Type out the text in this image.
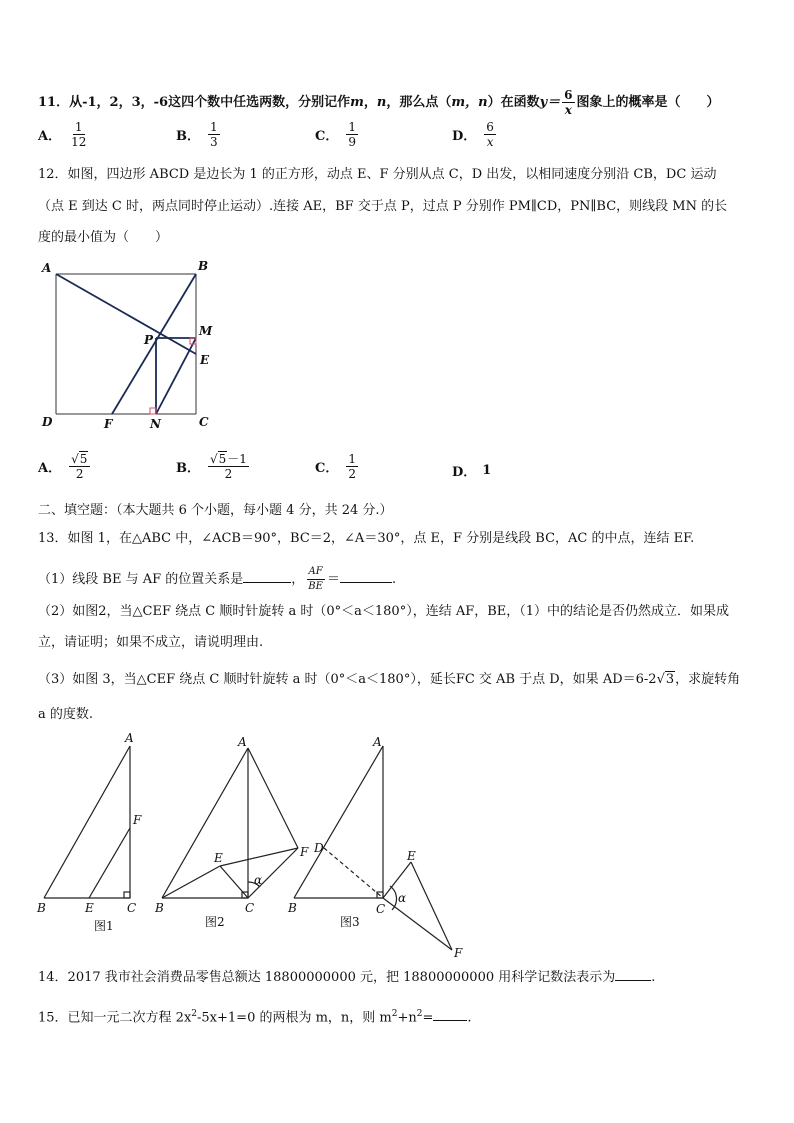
11．从-1，2，3，-6这四个数中任选两数，分别记作m，n，那么点（m，n）在函数$y= \frac{6}{x}$ 图象上的概率是（　　）
A． $\frac{1}{12}$	B． $\frac{1}{3}$	C． $\frac{1}{9}$	D． $\frac{6}{x}$
12．如图，四边形 ABCD 是边长为 1 的正方形，动点 E、F 分别从点 C，D 出发，以相同速度分别沿 CB，DC 运动
（点 E 到达 C 时，两点同时停止运动）.连接 AE，BF 交于点 P，过点 P 分别作 PM∥CD，PN∥BC，则线段 MN 的长
度的最小值为（　　）
A	B
C
D
E
F
M
N
P
A． $\frac{√5}{2}$	B． $\frac{√5-1}{2}$	C． $\frac{1}{2}$	D． 1
二、填空题：（本大题共 6 个小题，每小题 4 分，共 24 分.）
13．如图 1，在△ABC 中，∠ACB＝90°，BC＝2，∠A＝30°，点 E，F 分别是线段 BC，AC 的中点，连结 EF.
（1）线段 BE 与 AF 的位置关系是	， $\frac{AF}{BE}$ ＝	.
（2）如图2，当△CEF 绕点 C 顺时针旋转 a 时（0°＜a＜180°），连结 AF，BE，（1）中的结论是否仍然成立．如果成
立，请证明；如果不成立，请说明理由.
（3）如图 3，当△CEF 绕点 C 顺时针旋转 a 时（0°＜a＜180°），延长FC 交 AB 于点 D，如果 AD＝6-2√3，求旋转角
a 的度数.
A
B	C
E
F
图1
A
B	C
E	F
α
图2
A
B	C
D
E
F
α
图3
14．2017 我市社会消费品零售总额达 18800000000 元，把 18800000000 用科学记数法表示为	.
15．已知一元二次方程 $2x^2-5x+1=0$ 的两根为 m，n，则 $m^2+n^2=$	.
